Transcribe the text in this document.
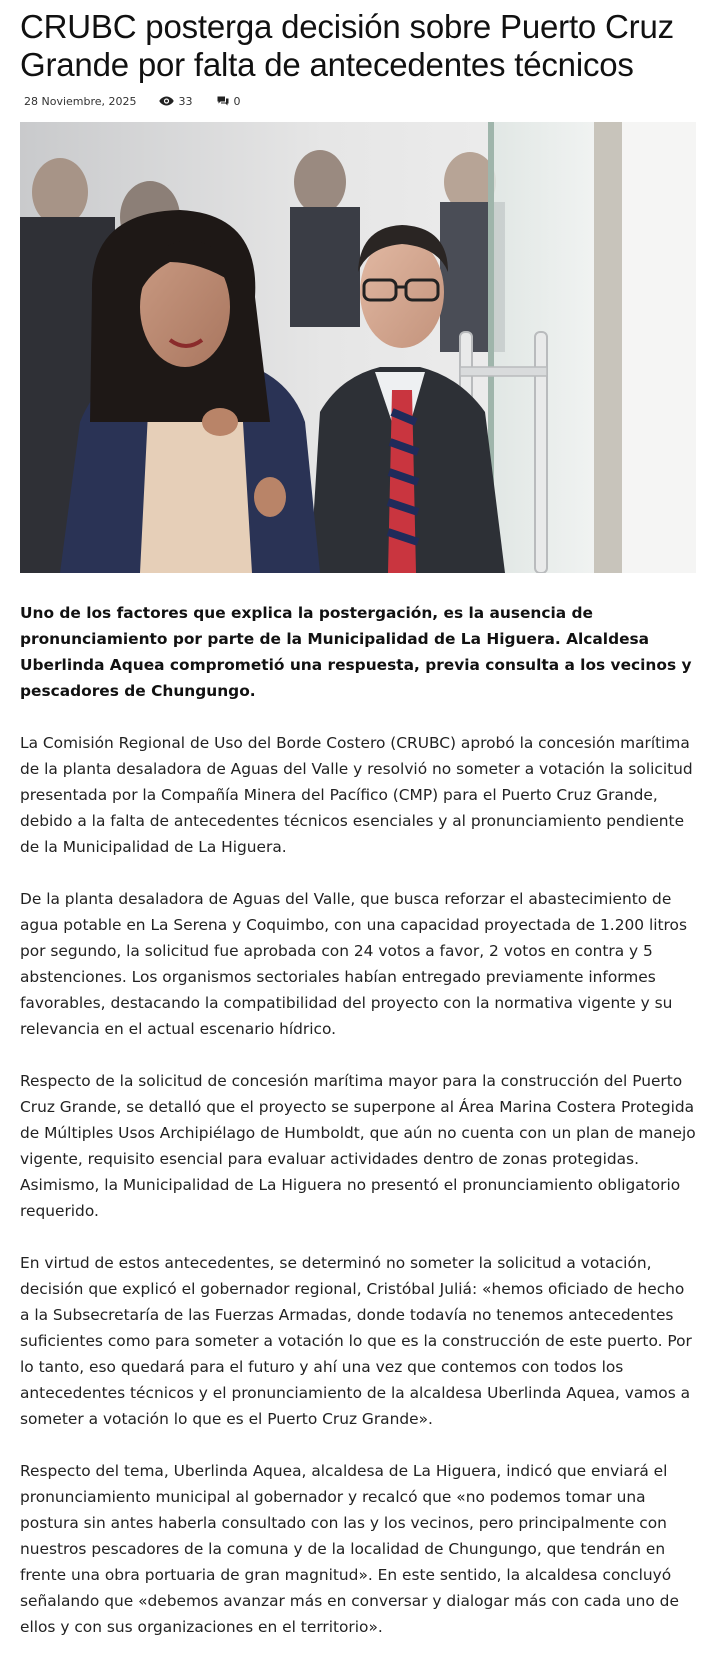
CRUBC posterga decisión sobre Puerto Cruz Grande por falta de antecedentes técnicos
28 Noviembre, 2025	33	0

Uno de los factores que explica la postergación, es la ausencia de pronunciamiento por parte de la Municipalidad de La Higuera. Alcaldesa Uberlinda Aquea comprometió una respuesta, previa consulta a los vecinos y pescadores de Chungungo.

La Comisión Regional de Uso del Borde Costero (CRUBC) aprobó la concesión marítima de la planta desaladora de Aguas del Valle y resolvió no someter a votación la solicitud presentada por la Compañía Minera del Pacífico (CMP) para el Puerto Cruz Grande, debido a la falta de antecedentes técnicos esenciales y al pronunciamiento pendiente de la Municipalidad de La Higuera.

De la planta desaladora de Aguas del Valle, que busca reforzar el abastecimiento de agua potable en La Serena y Coquimbo, con una capacidad proyectada de 1.200 litros por segundo, la solicitud fue aprobada con 24 votos a favor, 2 votos en contra y 5 abstenciones. Los organismos sectoriales habían entregado previamente informes favorables, destacando la compatibilidad del proyecto con la normativa vigente y su relevancia en el actual escenario hídrico.

Respecto de la solicitud de concesión marítima mayor para la construcción del Puerto Cruz Grande, se detalló que el proyecto se superpone al Área Marina Costera Protegida de Múltiples Usos Archipiélago de Humboldt, que aún no cuenta con un plan de manejo vigente, requisito esencial para evaluar actividades dentro de zonas protegidas. Asimismo, la Municipalidad de La Higuera no presentó el pronunciamiento obligatorio requerido.

En virtud de estos antecedentes, se determinó no someter la solicitud a votación, decisión que explicó el gobernador regional, Cristóbal Juliá: «hemos oficiado de hecho a la Subsecretaría de las Fuerzas Armadas, donde todavía no tenemos antecedentes suficientes como para someter a votación lo que es la construcción de este puerto. Por lo tanto, eso quedará para el futuro y ahí una vez que contemos con todos los antecedentes técnicos y el pronunciamiento de la alcaldesa Uberlinda Aquea, vamos a someter a votación lo que es el Puerto Cruz Grande».

Respecto del tema, Uberlinda Aquea, alcaldesa de La Higuera, indicó que enviará el pronunciamiento municipal al gobernador y recalcó que «no podemos tomar una postura sin antes haberla consultado con las y los vecinos, pero principalmente con nuestros pescadores de la comuna y de la localidad de Chungungo, que tendrán en frente una obra portuaria de gran magnitud». En este sentido, la alcaldesa concluyó señalando que «debemos avanzar más en conversar y dialogar más con cada uno de ellos y con sus organizaciones en el territorio».
